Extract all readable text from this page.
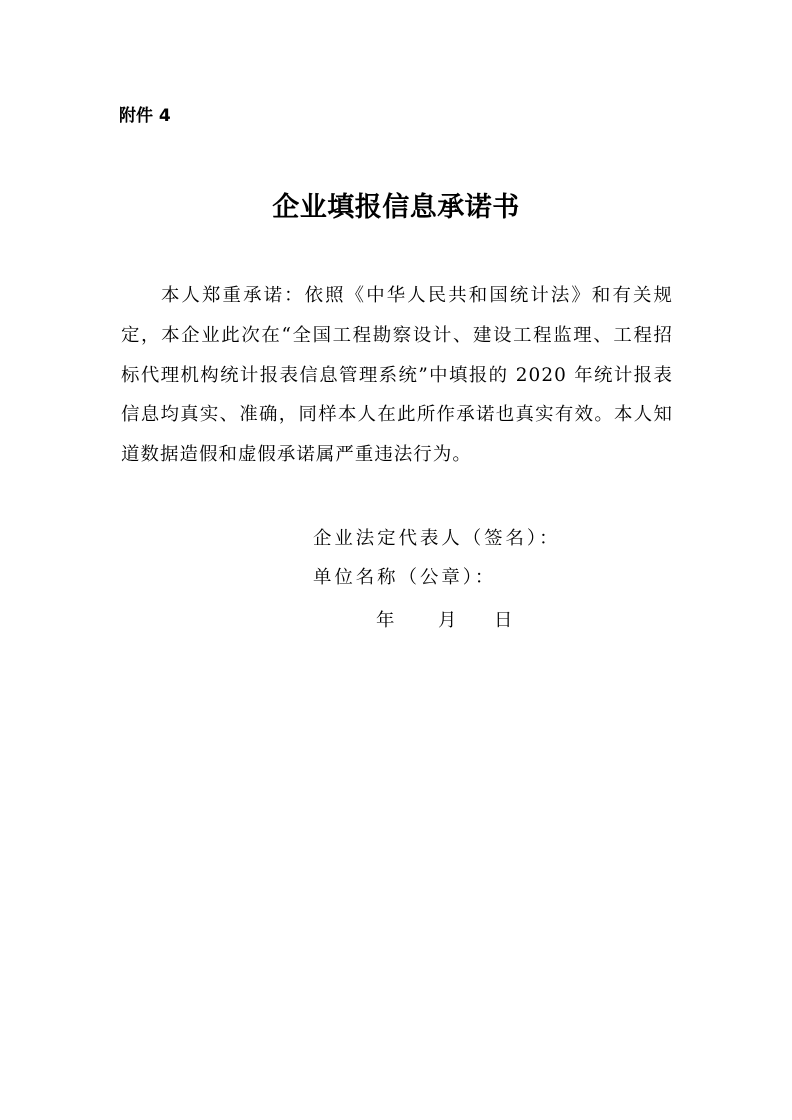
附件 4

企业填报信息承诺书

本人郑重承诺：依照《中华人民共和国统计法》和有关规定，本企业此次在“全国工程勘察设计、建设工程监理、工程招标代理机构统计报表信息管理系统”中填报的 2020 年统计报表信息均真实、准确，同样本人在此所作承诺也真实有效。本人知道数据造假和虚假承诺属严重违法行为。

企业法定代表人（签名）：

单位名称（公章）：

年 月 日
